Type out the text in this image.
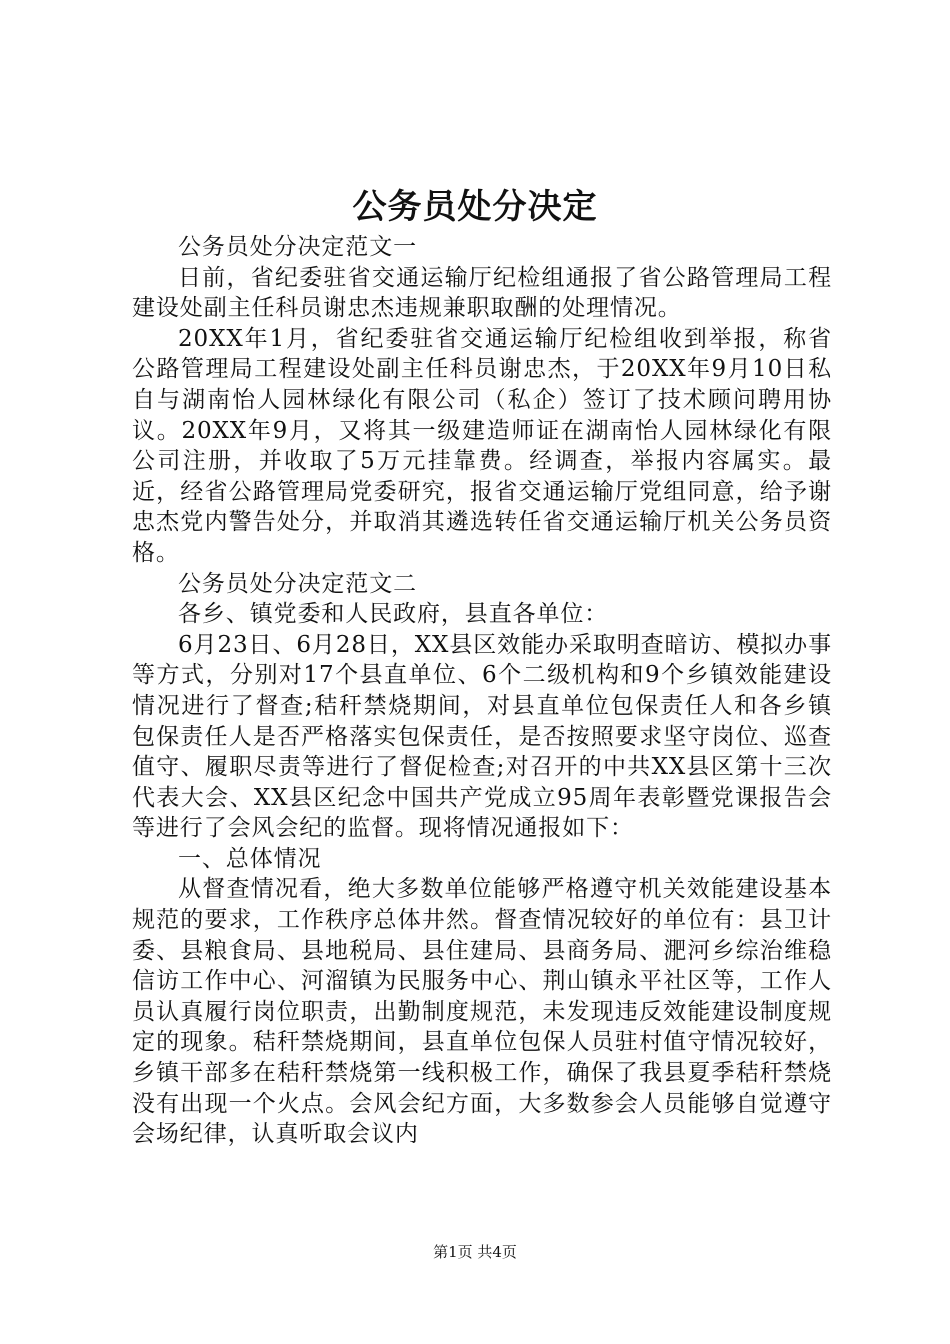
公务员处分决定

公务员处分决定范文一

日前，省纪委驻省交通运输厅纪检组通报了省公路管理局工程建设处副主任科员谢忠杰违规兼职取酬的处理情况。

20XX年1月，省纪委驻省交通运输厅纪检组收到举报，称省公路管理局工程建设处副主任科员谢忠杰，于20XX年9月10日私自与湖南怡人园林绿化有限公司（私企）签订了技术顾问聘用协议。20XX年9月，又将其一级建造师证在湖南怡人园林绿化有限公司注册，并收取了5万元挂靠费。经调查，举报内容属实。最近，经省公路管理局党委研究，报省交通运输厅党组同意，给予谢忠杰党内警告处分，并取消其遴选转任省交通运输厅机关公务员资格。

公务员处分决定范文二

各乡、镇党委和人民政府，县直各单位：

6月23日、6月28日，XX县区效能办采取明查暗访、模拟办事等方式，分别对17个县直单位、6个二级机构和9个乡镇效能建设情况进行了督查;秸秆禁烧期间，对县直单位包保责任人和各乡镇包保责任人是否严格落实包保责任，是否按照要求坚守岗位、巡查值守、履职尽责等进行了督促检查;对召开的中共XX县区第十三次代表大会、XX县区纪念中国共产党成立95周年表彰暨党课报告会等进行了会风会纪的监督。现将情况通报如下：

一、总体情况

从督查情况看，绝大多数单位能够严格遵守机关效能建设基本规范的要求，工作秩序总体井然。督查情况较好的单位有：县卫计委、县粮食局、县地税局、县住建局、县商务局、淝河乡综治维稳信访工作中心、河溜镇为民服务中心、荆山镇永平社区等，工作人员认真履行岗位职责，出勤制度规范，未发现违反效能建设制度规定的现象。秸秆禁烧期间，县直单位包保人员驻村值守情况较好，乡镇干部多在秸秆禁烧第一线积极工作，确保了我县夏季秸秆禁烧没有出现一个火点。会风会纪方面，大多数参会人员能够自觉遵守会场纪律，认真听取会议内

第1页 共4页
